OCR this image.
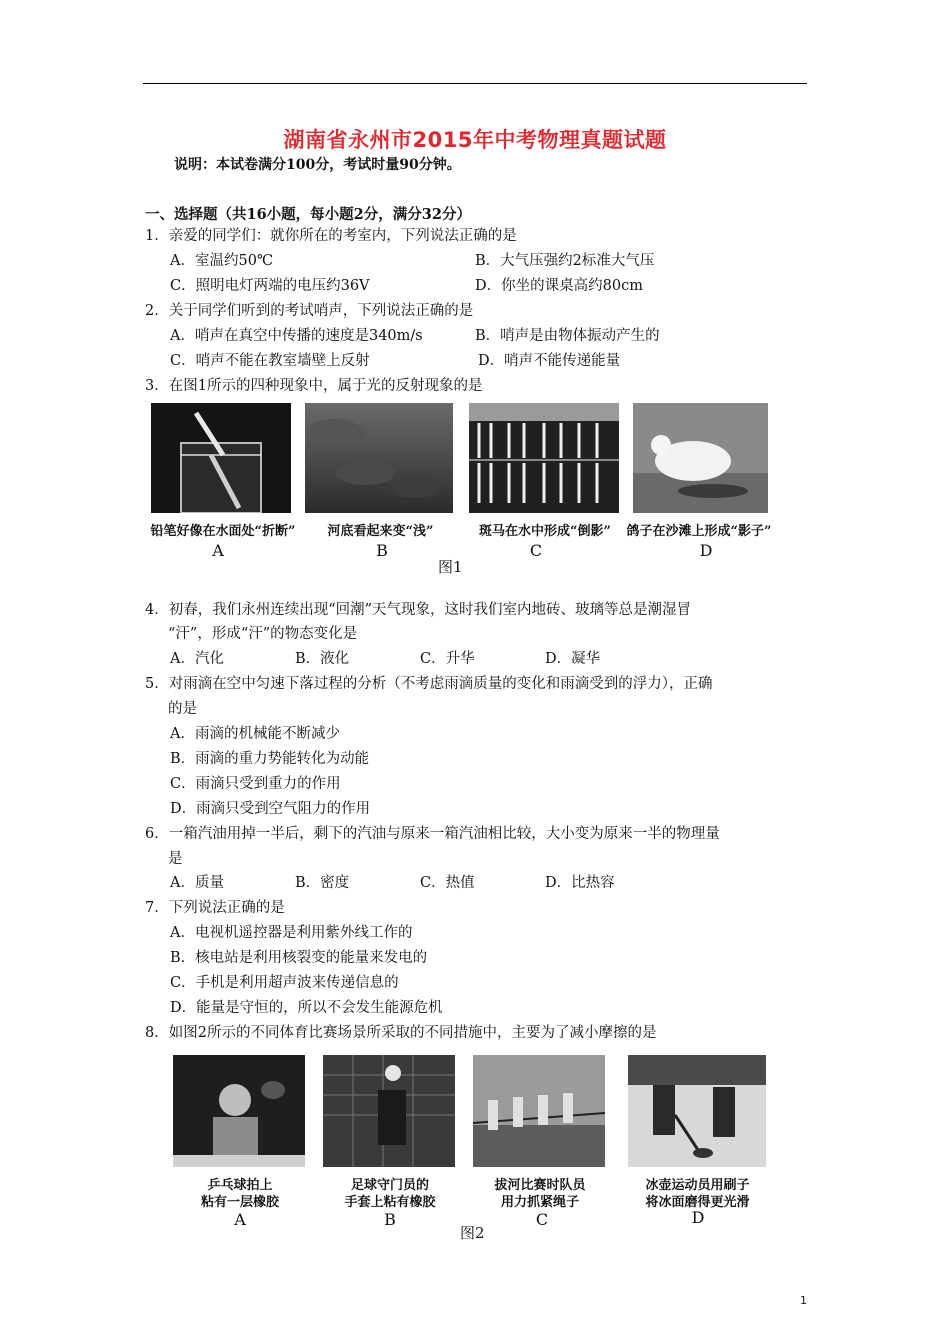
湖南省永州市2015年中考物理真题试题
说明：本试卷满分100分，考试时量90分钟。
一、选择题（共16小题，每小题2分，满分32分）
1．亲爱的同学们：就你所在的考室内，下列说法正确的是
A．室温约50℃	B．大气压强约2标准大气压
C．照明电灯两端的电压约36V	D．你坐的课桌高约80cm
2．关于同学们听到的考试哨声，下列说法正确的是
A．哨声在真空中传播的速度是340m/s	B．哨声是由物体振动产生的
C．哨声不能在教室墙壁上反射	D．哨声不能传递能量
3．在图1所示的四种现象中，属于光的反射现象的是
铅笔好像在水面处“折断”	河底看起来变“浅”	斑马在水中形成“倒影”	鸽子在沙滩上形成“影子”
A	B	C	D
图1
4．初春，我们永州连续出现“回潮”天气现象，这时我们室内地砖、玻璃等总是潮湿冒
“汗”，形成“汗”的物态变化是
A．汽化	B．液化	C．升华	D．凝华
5．对雨滴在空中匀速下落过程的分析（不考虑雨滴质量的变化和雨滴受到的浮力），正确
的是
A．雨滴的机械能不断减少
B．雨滴的重力势能转化为动能
C．雨滴只受到重力的作用
D．雨滴只受到空气阻力的作用
6．一箱汽油用掉一半后，剩下的汽油与原来一箱汽油相比较，大小变为原来一半的物理量
是
A．质量	B．密度	C．热值	D．比热容
7．下列说法正确的是
A．电视机遥控器是利用紫外线工作的
B．核电站是利用核裂变的能量来发电的
C．手机是利用超声波来传递信息的
D．能量是守恒的，所以不会发生能源危机
8．如图2所示的不同体育比赛场景所采取的不同措施中，主要为了减小摩擦的是
乒乓球拍上
粘有一层橡胶
足球守门员的
手套上粘有橡胶
拔河比赛时队员
用力抓紧绳子
冰壶运动员用刷子
将冰面磨得更光滑
A	B	C	D
图2
1
